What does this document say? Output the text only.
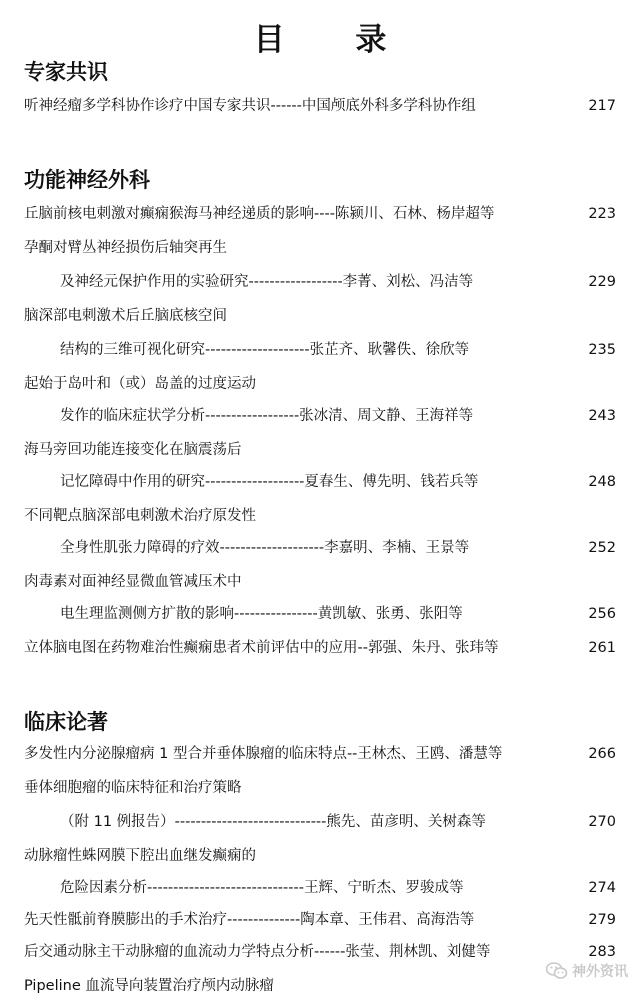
目 录
专家共识
听神经瘤多学科协作诊疗中国专家共识------中国颅底外科多学科协作组	217
功能神经外科
丘脑前核电刺激对癫痫猴海马神经递质的影响----陈颍川、石林、杨岸超等	223
孕酮对臂丛神经损伤后轴突再生
及神经元保护作用的实验研究------------------李菁、刘松、冯洁等	229
脑深部电刺激术后丘脑底核空间
结构的三维可视化研究--------------------张芷齐、耿馨佚、徐欣等	235
起始于岛叶和（或）岛盖的过度运动
发作的临床症状学分析------------------张冰清、周文静、王海祥等	243
海马旁回功能连接变化在脑震荡后
记忆障碍中作用的研究-------------------夏春生、傅先明、钱若兵等	248
不同靶点脑深部电刺激术治疗原发性
全身性肌张力障碍的疗效--------------------李嘉明、李楠、王景等	252
肉毒素对面神经显微血管减压术中
电生理监测侧方扩散的影响----------------黄凯敏、张勇、张阳等	256
立体脑电图在药物难治性癫痫患者术前评估中的应用--郭强、朱丹、张玮等	261
临床论著
多发性内分泌腺瘤病 1 型合并垂体腺瘤的临床特点--王林杰、王鸥、潘慧等	266
垂体细胞瘤的临床特征和治疗策略
（附 11 例报告）-----------------------------熊先、苗彦明、关树森等	270
动脉瘤性蛛网膜下腔出血继发癫痫的
危险因素分析------------------------------王辉、宁昕杰、罗骏成等	274
先天性骶前脊膜膨出的手术治疗--------------陶本章、王伟君、高海浩等	279
后交通动脉主干动脉瘤的血流动力学特点分析------张莹、荆林凯、刘健等	283
Pipeline 血流导向装置治疗颅内动脉瘤
神外资讯
